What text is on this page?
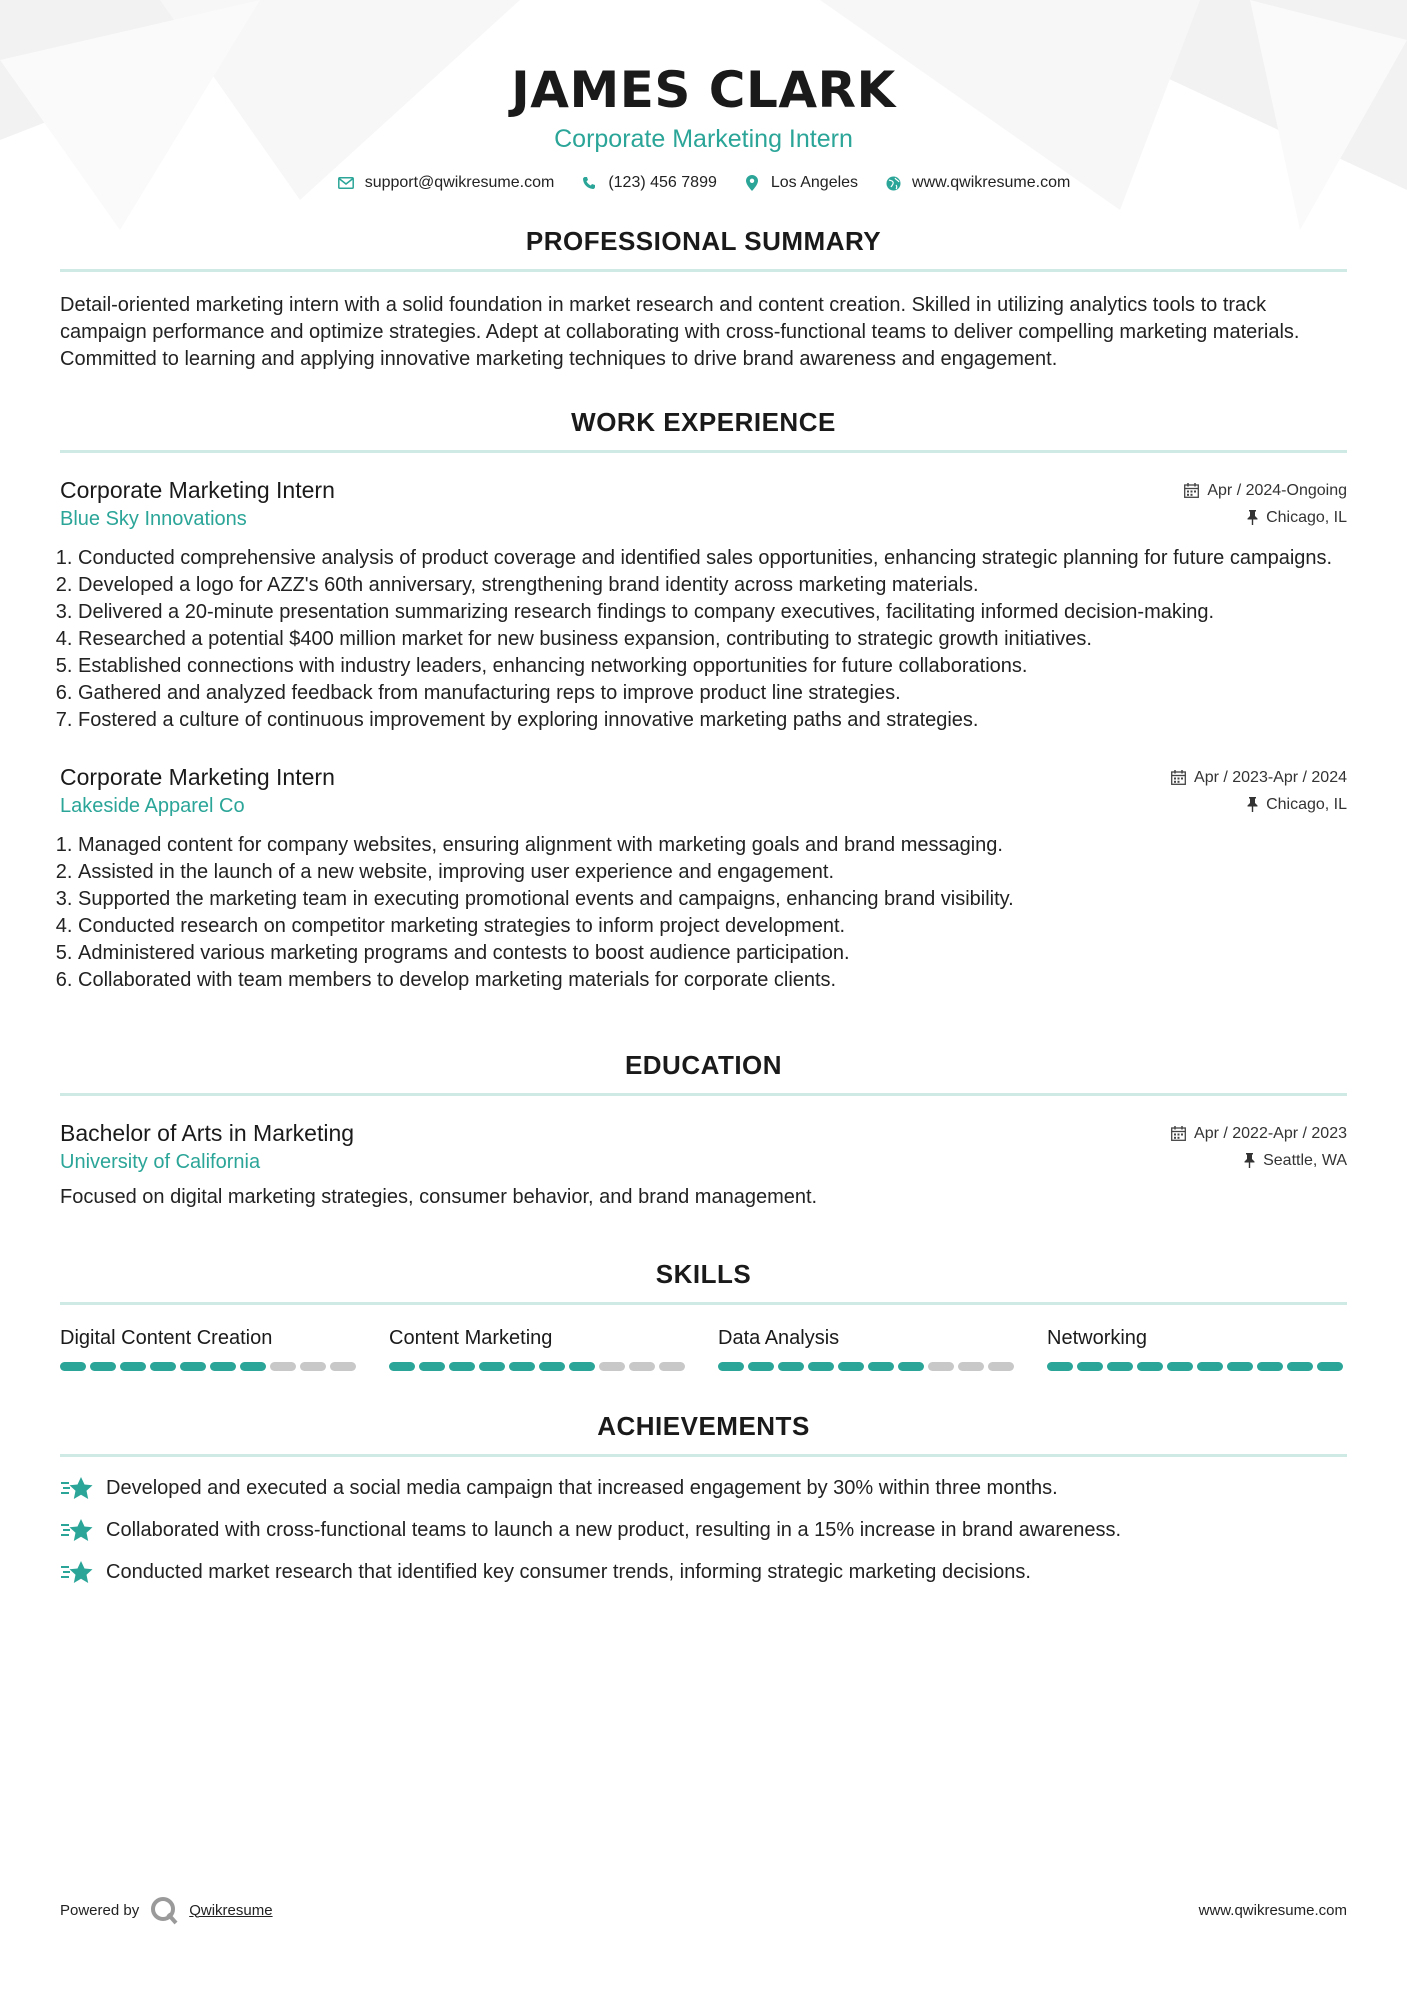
JAMES CLARK
Corporate Marketing Intern
support@qwikresume.com	(123) 456 7899	Los Angeles	www.qwikresume.com
PROFESSIONAL SUMMARY
Detail-oriented marketing intern with a solid foundation in market research and content creation. Skilled in utilizing analytics tools to track campaign performance and optimize strategies. Adept at collaborating with cross-functional teams to deliver compelling marketing materials. Committed to learning and applying innovative marketing techniques to drive brand awareness and engagement.
WORK EXPERIENCE
Corporate Marketing Intern	Apr / 2024-Ongoing
Blue Sky Innovations	Chicago, IL
1. Conducted comprehensive analysis of product coverage and identified sales opportunities, enhancing strategic planning for future campaigns.
2. Developed a logo for AZZ's 60th anniversary, strengthening brand identity across marketing materials.
3. Delivered a 20-minute presentation summarizing research findings to company executives, facilitating informed decision-making.
4. Researched a potential $400 million market for new business expansion, contributing to strategic growth initiatives.
5. Established connections with industry leaders, enhancing networking opportunities for future collaborations.
6. Gathered and analyzed feedback from manufacturing reps to improve product line strategies.
7. Fostered a culture of continuous improvement by exploring innovative marketing paths and strategies.
Corporate Marketing Intern	Apr / 2023-Apr / 2024
Lakeside Apparel Co	Chicago, IL
1. Managed content for company websites, ensuring alignment with marketing goals and brand messaging.
2. Assisted in the launch of a new website, improving user experience and engagement.
3. Supported the marketing team in executing promotional events and campaigns, enhancing brand visibility.
4. Conducted research on competitor marketing strategies to inform project development.
5. Administered various marketing programs and contests to boost audience participation.
6. Collaborated with team members to develop marketing materials for corporate clients.
EDUCATION
Bachelor of Arts in Marketing	Apr / 2022-Apr / 2023
University of California	Seattle, WA
Focused on digital marketing strategies, consumer behavior, and brand management.
SKILLS
Digital Content Creation	Content Marketing	Data Analysis	Networking
ACHIEVEMENTS
Developed and executed a social media campaign that increased engagement by 30% within three months.
Collaborated with cross-functional teams to launch a new product, resulting in a 15% increase in brand awareness.
Conducted market research that identified key consumer trends, informing strategic marketing decisions.
Powered by	Qwikresume	www.qwikresume.com
